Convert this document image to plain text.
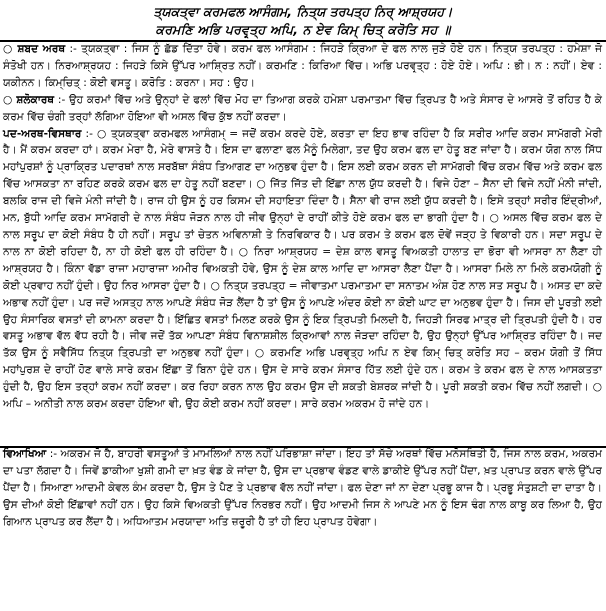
ਤ੍ਯਕਤ੍ਵਾ ਕਰਮਫਲ ਆਸੰਗਮ, ਨਿਤ੍ਯ ਤਰਪਤ੍ਹ ਨਿਰ੍ ਆਸ਼੍ਰਯਹ।

ਕਰਮਣਿ ਅਭਿ ਪਰਵਰ੍ਤ੍ਹ ਅਪਿ, ਨ ਏਵ ਕਿਮ੍ ਚਿਤ੍ ਕਰੋਤਿ ਸਹ ॥

○ ਸ਼ਬਦ ਅਰਥ :- ਤ੍ਯਕਤ੍ਵਾ : ਜਿਸ ਨੂੰ ਛੱਡ ਦਿੱਤਾ ਹੋਵੇ। ਕਰਮ ਫਲ ਆਸੰਗਮ : ਜਿਹੜੇ ਕ੍ਰਿਆ ਦੇ ਫਲ ਨਾਲ ਜੁੜੇ ਹੋਏ ਹਨ। ਨਿਤ੍ਯ ਤਰਪਤ੍ਹ : ਹਮੇਸ਼ਾ ਜੋ ਸੰਤੋਖੀ ਹਨ। ਨਿਰਆਸ਼੍ਰਯਹ : ਜਿਹੜੇ ਕਿਸੇ ਉੱਪਰ ਆਸ਼੍ਰਿਤ ਨਹੀਂ। ਕਰਮਣਿ : ਕਿਰਿਆ ਵਿੱਚ। ਅਭਿ ਪਰਵਰ੍ਤ੍ਹ : ਹੋਏ ਹੋਏ। ਅਪਿ : ਭੀ। ਨ : ਨਹੀਂ। ਏਵ : ਯਕੀਨਨ। ਕਿਮ੍ਚਿਤ੍ : ਕੋਈ ਵਸਤੂ। ਕਰੋਤਿ : ਕਰਨਾ। ਸਹ : ਉਹ।

○ ਸ਼ਲੋਕਾਰਥ :- ਉਹ ਕਰਮਾਂ ਵਿੱਚ ਅਤੇ ਉਨ੍ਹਾਂ ਦੇ ਫਲਾਂ ਵਿੱਚ ਮੋਹ ਦਾ ਤਿਆਗ ਕਰਕੇ ਹਮੇਸ਼ਾ ਪਰਮਾਤਮਾ ਵਿੱਚ ਤ੍ਰਿਪਤ ਹੈ ਅਤੇ ਸੰਸਾਰ ਦੇ ਆਸਰੇ ਤੋਂ ਰਹਿਤ ਹੈ ਕੇ ਕਰਮ ਵਿੱਚ ਚੰਗੀ ਤਰ੍ਹਾਂ ਲੱਗਿਆ ਹੋਇਆ ਵੀ ਅਸਲ ਵਿੱਚ ਕੁੱਝ ਨਹੀਂ ਕਰਦਾ।

ਪਦ-ਅਰਥ-ਵਿਸਥਾਰ :- ○ ਤ੍ਯਕਤ੍ਵਾ ਕਰਮਫਲ ਆਸੰਗਮ੍ = ਜਦੋਂ ਕਰਮ ਕਰਦੇ ਹੋਏ, ਕਰਤਾ ਦਾ ਇਹ ਭਾਵ ਰਹਿੰਦਾ ਹੈ ਕਿ ਸਰੀਰ ਆਦਿ ਕਰਮ ਸਾਮੱਗਰੀ ਮੇਰੀ ਹੈ। ਮੈਂ ਕਰਮ ਕਰਦਾ ਹਾਂ। ਕਰਮ ਮੇਰਾ ਹੈ, ਮੇਰੇ ਵਾਸਤੇ ਹੈ। ਇਸ ਦਾ ਫਲਾਣਾ ਫਲ ਮੈਨੂੰ ਮਿਲੇਗਾ, ਤਦ ਉਹ ਕਰਮ ਫਲ ਦਾ ਹੇਤੂ ਬਣ ਜਾਂਦਾ ਹੈ। ਕਰਮ ਯੋਗ ਨਾਲ ਸਿੱਧ ਮਹਾਂਪੁਰਸ਼ਾਂ ਨੂੰ ਪ੍ਰਾਕ੍ਰਿਤ ਪਦਾਰਥਾਂ ਨਾਲ ਸਰਬੱਥਾ ਸੰਬੰਧ ਤਿਆਗਣ ਦਾ ਅਨੁਭਵ ਹੁੰਦਾ ਹੈ। ਇਸ ਲਈ ਕਰਮ ਕਰਨ ਦੀ ਸਾਮੱਗਰੀ ਵਿੱਚ ਕਰਮ ਵਿੱਚ ਅਤੇ ਕਰਮ ਫਲ ਵਿੱਚ ਆਸਕਤਾ ਨਾ ਰਹਿਣ ਕਰਕੇ ਕਰਮ ਫਲ ਦਾ ਹੇਤੂ ਨਹੀਂ ਬਣਦਾ। ○ ਜਿੱਤ ਜਿੱਤ ਦੀ ਇੱਛਾ ਨਾਲ ਯੁੱਧ ਕਰਦੀ ਹੈ। ਵਿਜੇ ਹੋਣਾ – ਸੈਨਾ ਦੀ ਵਿਜੇ ਨਹੀਂ ਮੰਨੀ ਜਾਂਦੀ, ਬਲਕਿ ਰਾਜ ਦੀ ਵਿਜੇ ਮੰਨੀ ਜਾਂਦੀ ਹੈ। ਰਾਜ ਹੀ ਉਸ ਨੂੰ ਹਰ ਕਿਸਮ ਦੀ ਸਹਾਇਤਾ ਦਿੰਦਾ ਹੈ। ਸੈਨਾ ਵੀ ਰਾਜ ਲਈ ਯੁੱਧ ਕਰਦੀ ਹੈ। ਇਸੇ ਤਰ੍ਹਾਂ ਸਰੀਰ ਇੰਦ੍ਰੀਆਂ, ਮਨ, ਬੁੱਧੀ ਆਦਿ ਕਰਮ ਸਾਮੱਗਰੀ ਦੇ ਨਾਲ ਸੰਬੰਧ ਜੋੜਨ ਨਾਲ ਹੀ ਜੀਵ ਉਨ੍ਹਾਂ ਦੇ ਰਾਹੀਂ ਕੀਤੇ ਹੋਏ ਕਰਮ ਫਲ ਦਾ ਭਾਗੀ ਹੁੰਦਾ ਹੈ। ○ ਅਸਲ ਵਿੱਚ ਕਰਮ ਫਲ ਦੇ ਨਾਲ ਸਰੂਪ ਦਾ ਕੋਈ ਸੰਬੰਧ ਹੈ ਹੀ ਨਹੀਂ। ਸਰੂਪ ਤਾਂ ਚੇਤਨ ਅਵਿਨਾਸ਼ੀ ਤੇ ਨਿਰਵਿਕਾਰ ਹੈ। ਪਰ ਕਰਮ ਤੇ ਕਰਮ ਫਲ ਦੋਵੇਂ ਜੜ੍ਹ ਤੇ ਵਿਕਾਰੀ ਹਨ। ਸਦਾ ਸਰੂਪ ਦੇ ਨਾਲ ਨਾ ਕੋਈ ਰਹਿਦਾ ਹੈ, ਨਾ ਹੀ ਕੋਈ ਫਲ ਹੀ ਰਹਿੰਦਾ ਹੈ। ○ ਨਿਰਾ ਆਸ਼੍ਰਯਹ = ਦੇਸ਼ ਕਾਲ ਵਸਤੂ ਵਿਅਕਤੀ ਹਾਲਾਤ ਦਾ ਭੋਰਾ ਵੀ ਆਸਰਾ ਨਾ ਲੈਣਾ ਹੀ ਆਸ਼੍ਰਯਹ ਹੈ। ਕਿੰਨਾ ਵੱਡਾ ਰਾਜਾ ਮਹਾਰਾਜਾ ਅਮੀਰ ਵਿਅਕਤੀ ਹੋਵੇ, ਉਸ ਨੂੰ ਦੇਸ਼ ਕਾਲ ਆਦਿ ਦਾ ਆਸਰਾ ਲੈਣਾ ਪੈਂਦਾ ਹੈ। ਆਸਰਾ ਮਿਲੇ ਨਾ ਮਿਲੇ ਕਰਮਯੋਗੀ ਨੂੰ ਕੋਈ ਪ੍ਰਵਾਹ ਨਹੀਂ ਹੁੰਦੀ। ਉਹ ਨਿਰ ਆਸਰਾ ਹੁੰਦਾ ਹੈ। ○ ਨਿਤ੍ਯ ਤਰਪਤ੍ਹ = ਜੀਵਾਤਮਾ ਪਰਮਾਤਮਾ ਦਾ ਸਨਾਤਮ ਅੰਸ਼ ਹੋਣ ਨਾਲ ਸਤ ਸਰੂਪ ਹੈ। ਅਸਤ ਦਾ ਕਦੇ ਅਭਾਵ ਨਹੀਂ ਹੁੰਦਾ। ਪਰ ਜਦੋਂ ਅਸਤ੍ਹ ਨਾਲ ਆਪਣੇ ਸੰਬੰਧ ਜੋੜ ਲੈਂਦਾ ਹੈ ਤਾਂ ਉਸ ਨੂੰ ਆਪਣੇ ਅੰਦਰ ਕੋਈ ਨਾ ਕੋਈ ਘਾਟ ਦਾ ਅਨੁਭਵ ਹੁੰਦਾ ਹੈ। ਜਿਸ ਦੀ ਪੂਰਤੀ ਲਈ ਉਹ ਸੰਸਾਰਿਕ ਵਸਤਾਂ ਦੀ ਕਾਮਨਾ ਕਰਦਾ ਹੈ। ਇੱਛਿਤ ਵਸਤਾਂ ਮਿਲਣ ਕਰਕੇ ਉਸ ਨੂੰ ਇਕ ਤ੍ਰਿਪਤੀ ਮਿਲਦੀ ਹੈ, ਜਿਹੜੀ ਸਿਰਫ ਮਾਤ੍ਰ ਦੀ ਤ੍ਰਿਪਤੀ ਹੁੰਦੀ ਹੈ। ਹਰ ਵਸਤੂ ਅਭਾਵ ਵੱਲ ਵੱਧ ਰਹੀ ਹੈ। ਜੀਵ ਜਦੋਂ ਤੱਕ ਆਪਣਾ ਸੰਬੰਧ ਵਿਨਾਸ਼ਸ਼ੀਲ ਕ੍ਰਿਆਵਾਂ ਨਾਲ ਜੋੜਦਾ ਰਹਿੰਦਾ ਹੈ, ਉਹ ਉਨ੍ਹਾਂ ਉੱਪਰ ਆਸ਼੍ਰਿਤ ਰਹਿੰਦਾ ਹੈ। ਜਦ ਤੱਕ ਉਸ ਨੂੰ ਸਵੈਸਿੱਧ ਨਿਤ੍ਯ ਤ੍ਰਿਪਤੀ ਦਾ ਅਨੁਭਵ ਨਹੀਂ ਹੁੰਦਾ। ○ ਕਰਮਣਿ ਅਭਿ ਪਰਵਰ੍ਤ੍ਹ ਅਪਿ ਨ ਏਵ ਕਿਮ੍ ਚਿਤ੍ ਕਰੋਤਿ ਸਹ – ਕਰਮ ਯੋਗੀ ਤੋਂ ਸਿੱਧ ਮਹਾਂਪੁਰਸ਼ ਦੇ ਰਾਹੀਂ ਹੋਣ ਵਾਲੇ ਸਾਰੇ ਕਰਮ ਇੱਛਾ ਤੋਂ ਬਿਨਾ ਹੁੰਦੇ ਹਨ। ਉਸ ਦੇ ਸਾਰੇ ਕਰਮ ਸੰਸਾਰ ਹਿੱਤ ਲਈ ਹੁੰਦੇ ਹਨ। ਕਰਮ ਤੇ ਕਰਮ ਫਲ ਦੇ ਨਾਲ ਆਸਕਤਤਾ ਹੁੰਦੀ ਹੈ, ਉਹ ਇਸ ਤਰ੍ਹਾਂ ਕਰਮ ਨਹੀਂ ਕਰਦਾ। ਕਰ ਰਿਹਾ ਕਰਨ ਨਾਲ ਉਹ ਕਰਮ ਉਸ ਦੀ ਸ਼ਕਤੀ ਬੇਸ਼ਰਕ ਜਾਂਦੀ ਹੈ। ਪੂਰੀ ਸ਼ਕਤੀ ਕਰਮ ਵਿੱਚ ਨਹੀਂ ਲਗਦੀ। ○ ਅਪਿ – ਅਨੀਤੀ ਨਾਲ ਕਰਮ ਕਰਦਾ ਹੋਇਆ ਵੀ, ਉਹ ਕੋਈ ਕਰਮ ਨਹੀਂ ਕਰਦਾ। ਸਾਰੇ ਕਰਮ ਅਕਰਮ ਹੋ ਜਾਂਦੇ ਹਨ।

ਵਿਆਖਿਆ :- ਅਕਰਮ ਜੋ ਹੈ, ਬਾਹਰੀ ਵਸਤੂਆਂ ਤੇ ਮਾਮਲਿਆਂ ਨਾਲ ਨਹੀਂ ਪਰਿਭਾਸ਼ਾ ਜਾਂਦਾ। ਇਹ ਤਾਂ ਸੱਚੇ ਅਰਥਾਂ ਵਿੱਚ ਮਨੋਸਥਿਤੀ ਹੈ, ਜਿਸ ਨਾਲ ਕਰਮ, ਅਕਰਮ ਦਾ ਪਤਾ ਲੱਗਦਾ ਹੈ। ਜਿਵੇਂ ਡਾਕੀਆ ਖੁਸ਼ੀ ਗਮੀ ਦਾ ਖ਼ਤ ਵੰਡ ਕੇ ਜਾਂਦਾ ਹੈ, ਉਸ ਦਾ ਪ੍ਰਭਾਵ ਵੰਡਣ ਵਾਲੇ ਡਾਕੀਏ ਉੱਪਰ ਨਹੀਂ ਪੈਂਦਾ, ਖ਼ਤ ਪ੍ਰਾਪਤ ਕਰਨ ਵਾਲੇ ਉੱਪਰ ਪੈਂਦਾ ਹੈ। ਸਿਆਣਾ ਆਦਮੀ ਕੇਵਲ ਕੰਮ ਕਰਦਾ ਹੈ, ਉਸ ਤੇ ਪੈਣ ਤੇ ਪ੍ਰਭਾਵ ਵੱਲ ਨਹੀਂ ਜਾਂਦਾ। ਫਲ ਦੇਣਾ ਜਾਂ ਨਾ ਦੇਣਾ ਪ੍ਰਭੂ ਕਾਜ ਹੈ। ਪ੍ਰਭੂ ਸੰਤੁਸ਼ਟੀ ਦਾ ਦਾਤਾ ਹੈ। ਉਸ ਦੀਆਂ ਕੋਈ ਇੱਛਾਵਾਂ ਨਹੀਂ ਹਨ। ਉਹ ਕਿਸੇ ਵਿਅਕਤੀ ਉੱਪਰ ਨਿਰਭਰ ਨਹੀਂ। ਉਹ ਆਦਮੀ ਜਿਸ ਨੇ ਆਪਣੇ ਮਨ ਨੂੰ ਇਸ ਢੰਗ ਨਾਲ ਕਾਬੂ ਕਰ ਲਿਆ ਹੈ, ਉਹ ਗਿਆਨ ਪ੍ਰਾਪਤ ਕਰ ਲੈਂਦਾ ਹੈ। ਅਧਿਆਤਮ ਮਰਯਾਦਾ ਅਤਿ ਜ਼ਰੂਰੀ ਹੈ ਤਾਂ ਹੀ ਇਹ ਪ੍ਰਾਪਤ ਹੋਵੇਗਾ।
